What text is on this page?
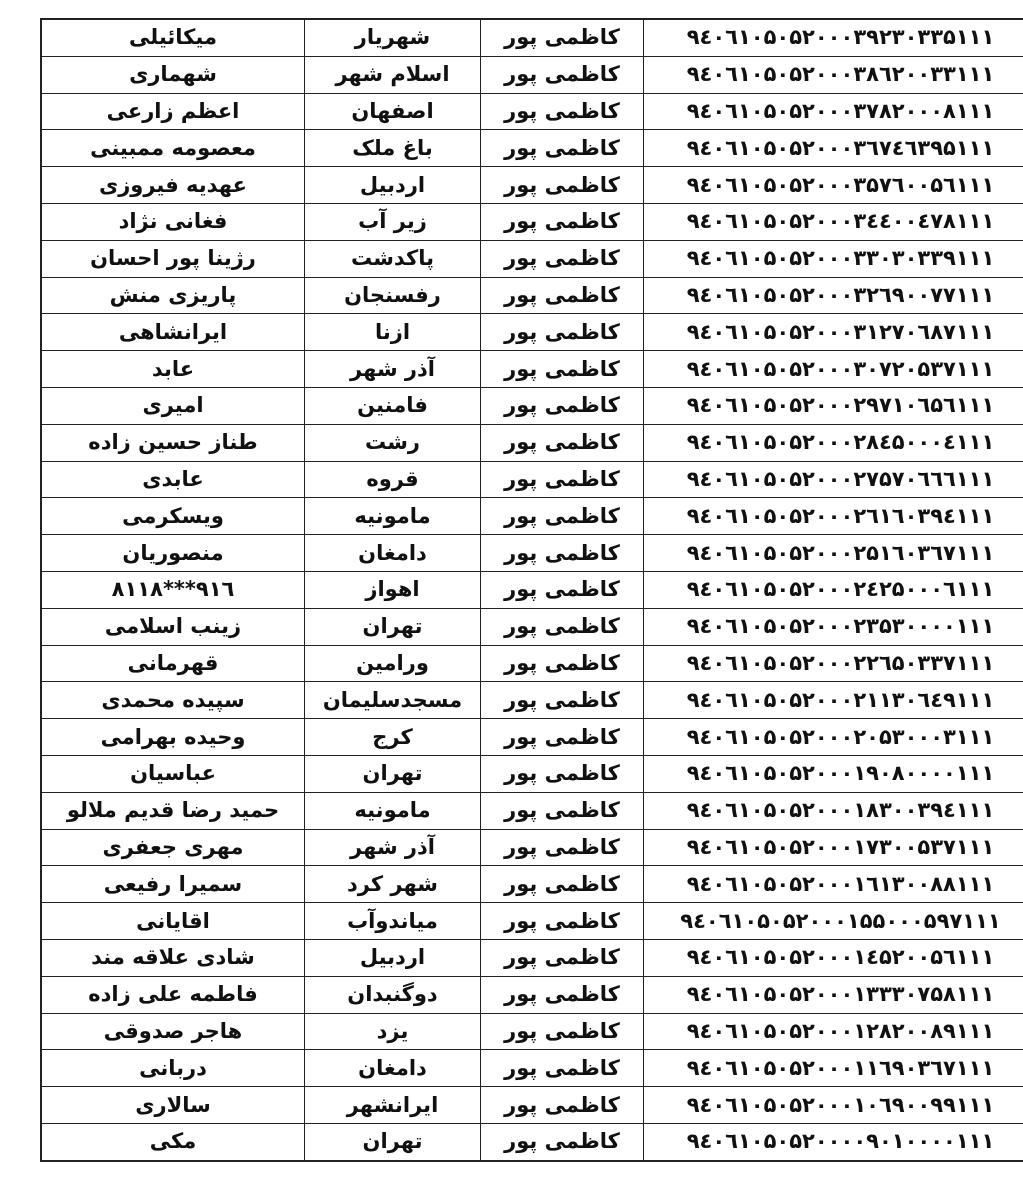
میکائیلی	شهریار	کاظمی پور	۹٤۰٦۱۰۵۰۵۲۰۰۰۳۹۲۳۰۳۳۵۱۱۱
شهماری	اسلام شهر	کاظمی پور	۹٤۰٦۱۰۵۰۵۲۰۰۰۳۸٦۲۰۰۳۳۱۱۱
اعظم زارعی	اصفهان	کاظمی پور	۹٤۰٦۱۰۵۰۵۲۰۰۰۳۷۸۲۰۰۰۸۱۱۱
معصومه ممبینی	باغ ملک	کاظمی پور	۹٤۰٦۱۰۵۰۵۲۰۰۰۳٦۷٤٦۳۹۵۱۱۱
عهدیه فیروزی	اردبیل	کاظمی پور	۹٤۰٦۱۰۵۰۵۲۰۰۰۳۵۷٦۰۰۵٦۱۱۱
فغانی نژاد	زیر آب	کاظمی پور	۹٤۰٦۱۰۵۰۵۲۰۰۰۳٤٤۰۰٤۷۸۱۱۱
رژینا پور احسان	پاکدشت	کاظمی پور	۹٤۰٦۱۰۵۰۵۲۰۰۰۳۳۰۳۰۳۳۹۱۱۱
پاریزی منش	رفسنجان	کاظمی پور	۹٤۰٦۱۰۵۰۵۲۰۰۰۳۲٦۹۰۰۷۷۱۱۱
ایرانشاهی	ازنا	کاظمی پور	۹٤۰٦۱۰۵۰۵۲۰۰۰۳۱۲۷۰٦۸۷۱۱۱
عابد	آذر شهر	کاظمی پور	۹٤۰٦۱۰۵۰۵۲۰۰۰۳۰۷۲۰۵۳۷۱۱۱
امیری	فامنین	کاظمی پور	۹٤۰٦۱۰۵۰۵۲۰۰۰۲۹۷۱۰٦۵٦۱۱۱
طناز حسین زاده	رشت	کاظمی پور	۹٤۰٦۱۰۵۰۵۲۰۰۰۲۸٤۵۰۰۰٤۱۱۱
عابدی	قروه	کاظمی پور	۹٤۰٦۱۰۵۰۵۲۰۰۰۲۷۵۷۰٦٦٦۱۱۱
ویسکرمی	مامونیه	کاظمی پور	۹٤۰٦۱۰۵۰۵۲۰۰۰۲٦۱٦۰۳۹٤۱۱۱
منصوریان	دامغان	کاظمی پور	۹٤۰٦۱۰۵۰۵۲۰۰۰۲۵۱٦۰۳٦۷۱۱۱
۹۱٦***۸۱۱۸	اهواز	کاظمی پور	۹٤۰٦۱۰۵۰۵۲۰۰۰۲٤۲۵۰۰۰٦۱۱۱
زینب اسلامی	تهران	کاظمی پور	۹٤۰٦۱۰۵۰۵۲۰۰۰۲۳۵۳۰۰۰۰۱۱۱
قهرمانی	ورامین	کاظمی پور	۹٤۰٦۱۰۵۰۵۲۰۰۰۲۲٦۵۰۳۳۷۱۱۱
سپیده محمدی	مسجدسلیمان	کاظمی پور	۹٤۰٦۱۰۵۰۵۲۰۰۰۲۱۱۳۰٦٤۹۱۱۱
وحیده بهرامی	کرج	کاظمی پور	۹٤۰٦۱۰۵۰۵۲۰۰۰۲۰۵۳۰۰۰۳۱۱۱
عباسیان	تهران	کاظمی پور	۹٤۰٦۱۰۵۰۵۲۰۰۰۱۹۰۸۰۰۰۰۱۱۱
حمید رضا قدیم ملالو	مامونیه	کاظمی پور	۹٤۰٦۱۰۵۰۵۲۰۰۰۱۸۳۰۰۳۹٤۱۱۱
مهری جعفری	آذر شهر	کاظمی پور	۹٤۰٦۱۰۵۰۵۲۰۰۰۱۷۳۰۰۵۳۷۱۱۱
سمیرا رفیعی	شهر کرد	کاظمی پور	۹٤۰٦۱۰۵۰۵۲۰۰۰۱٦۱۳۰۰۸۸۱۱۱
اقایانی	میاندوآب	کاظمی پور	۹٤۰٦۱۰۵۰۵۲۰۰۰۱۵۵۰۰۰۵۹۷۱۱۱
شادی علاقه مند	اردبیل	کاظمی پور	۹٤۰٦۱۰۵۰۵۲۰۰۰۱٤۵۲۰۰۵٦۱۱۱
فاطمه علی زاده	دوگنبدان	کاظمی پور	۹٤۰٦۱۰۵۰۵۲۰۰۰۱۳۳۳۰۷۵۸۱۱۱
هاجر صدوقی	یزد	کاظمی پور	۹٤۰٦۱۰۵۰۵۲۰۰۰۱۲۸۲۰۰۸۹۱۱۱
دربانی	دامغان	کاظمی پور	۹٤۰٦۱۰۵۰۵۲۰۰۰۱۱٦۹۰۳٦۷۱۱۱
سالاری	ایرانشهر	کاظمی پور	۹٤۰٦۱۰۵۰۵۲۰۰۰۱۰٦۹۰۰۹۹۱۱۱
مکی	تهران	کاظمی پور	۹٤۰٦۱۰۵۰۵۲۰۰۰۰۹۰۱۰۰۰۰۱۱۱
